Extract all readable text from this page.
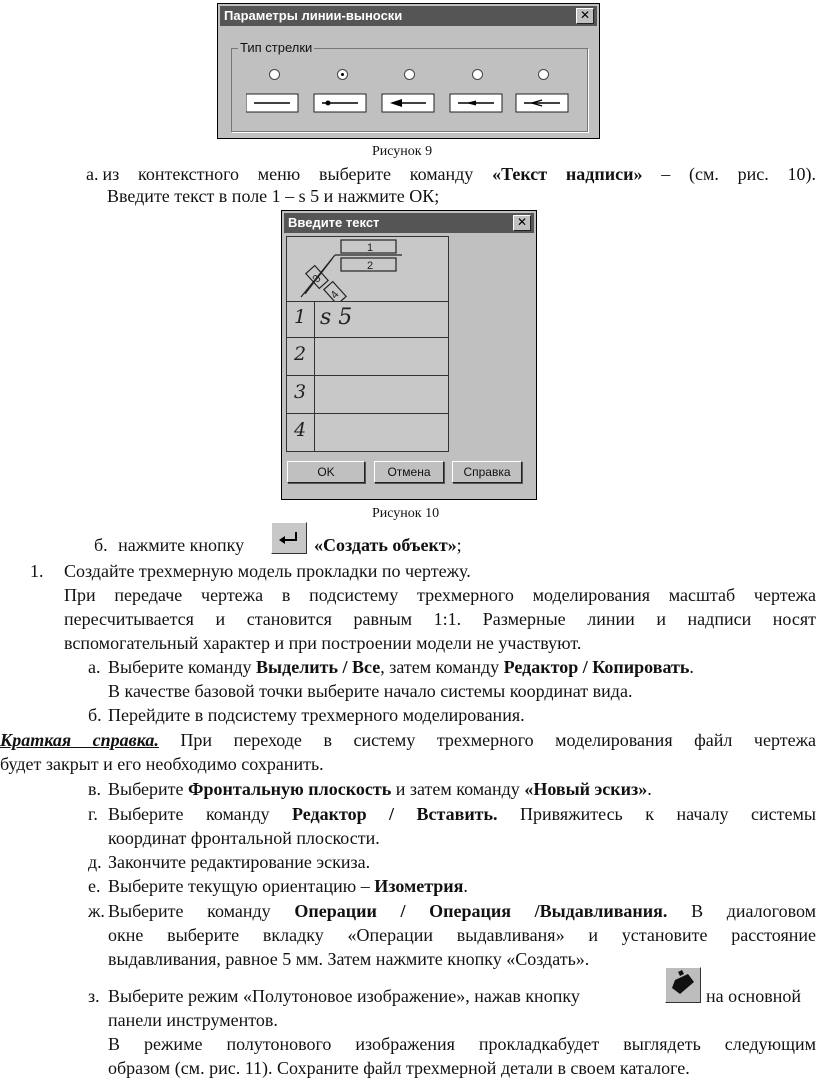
Параметры линии-выноски	✕
Тип стрелки
Рисунок 9
а. из контекстного меню выберите команду «Текст надписи» – (см. рис. 10).
Введите текст в поле 1 – s 5 и нажмите ОК;
Введите текст	✕
1
2
3
4
1 s 5
2
3
4
OK	Отмена	Справка
Рисунок 10
б. нажмите кнопку	«Создать объект»;
1. Создайте трехмерную модель прокладки по чертежу.
При передаче чертежа в подсистему трехмерного моделирования масштаб чертежа
пересчитывается и становится равным 1:1. Размерные линии и надписи носят
вспомогательный характер и при построении модели не участвуют.
а. Выберите команду Выделить / Все, затем команду Редактор / Копировать.
В качестве базовой точки выберите начало системы координат вида.
б. Перейдите в подсистему трехмерного моделирования.
Краткая справка. При переходе в систему трехмерного моделирования файл чертежа
будет закрыт и его необходимо сохранить.
в. Выберите Фронтальную плоскость и затем команду «Новый эскиз».
г. Выберите команду Редактор / Вставить. Привяжитесь к началу системы
координат фронтальной плоскости.
д. Закончите редактирование эскиза.
е. Выберите текущую ориентацию – Изометрия.
ж. Выберите команду Операции / Операция /Выдавливания. В диалоговом
окне выберите вкладку «Операции выдавливаня» и установите расстояние
выдавливания, равное 5 мм. Затем нажмите кнопку «Создать».
з. Выберите режим «Полутоновое изображение», нажав кнопку	на основной
панели инструментов.
В режиме полутонового изображения прокладкабудет выглядеть следующим
образом (см. рис. 11). Сохраните файл трехмерной детали в своем каталоге.
